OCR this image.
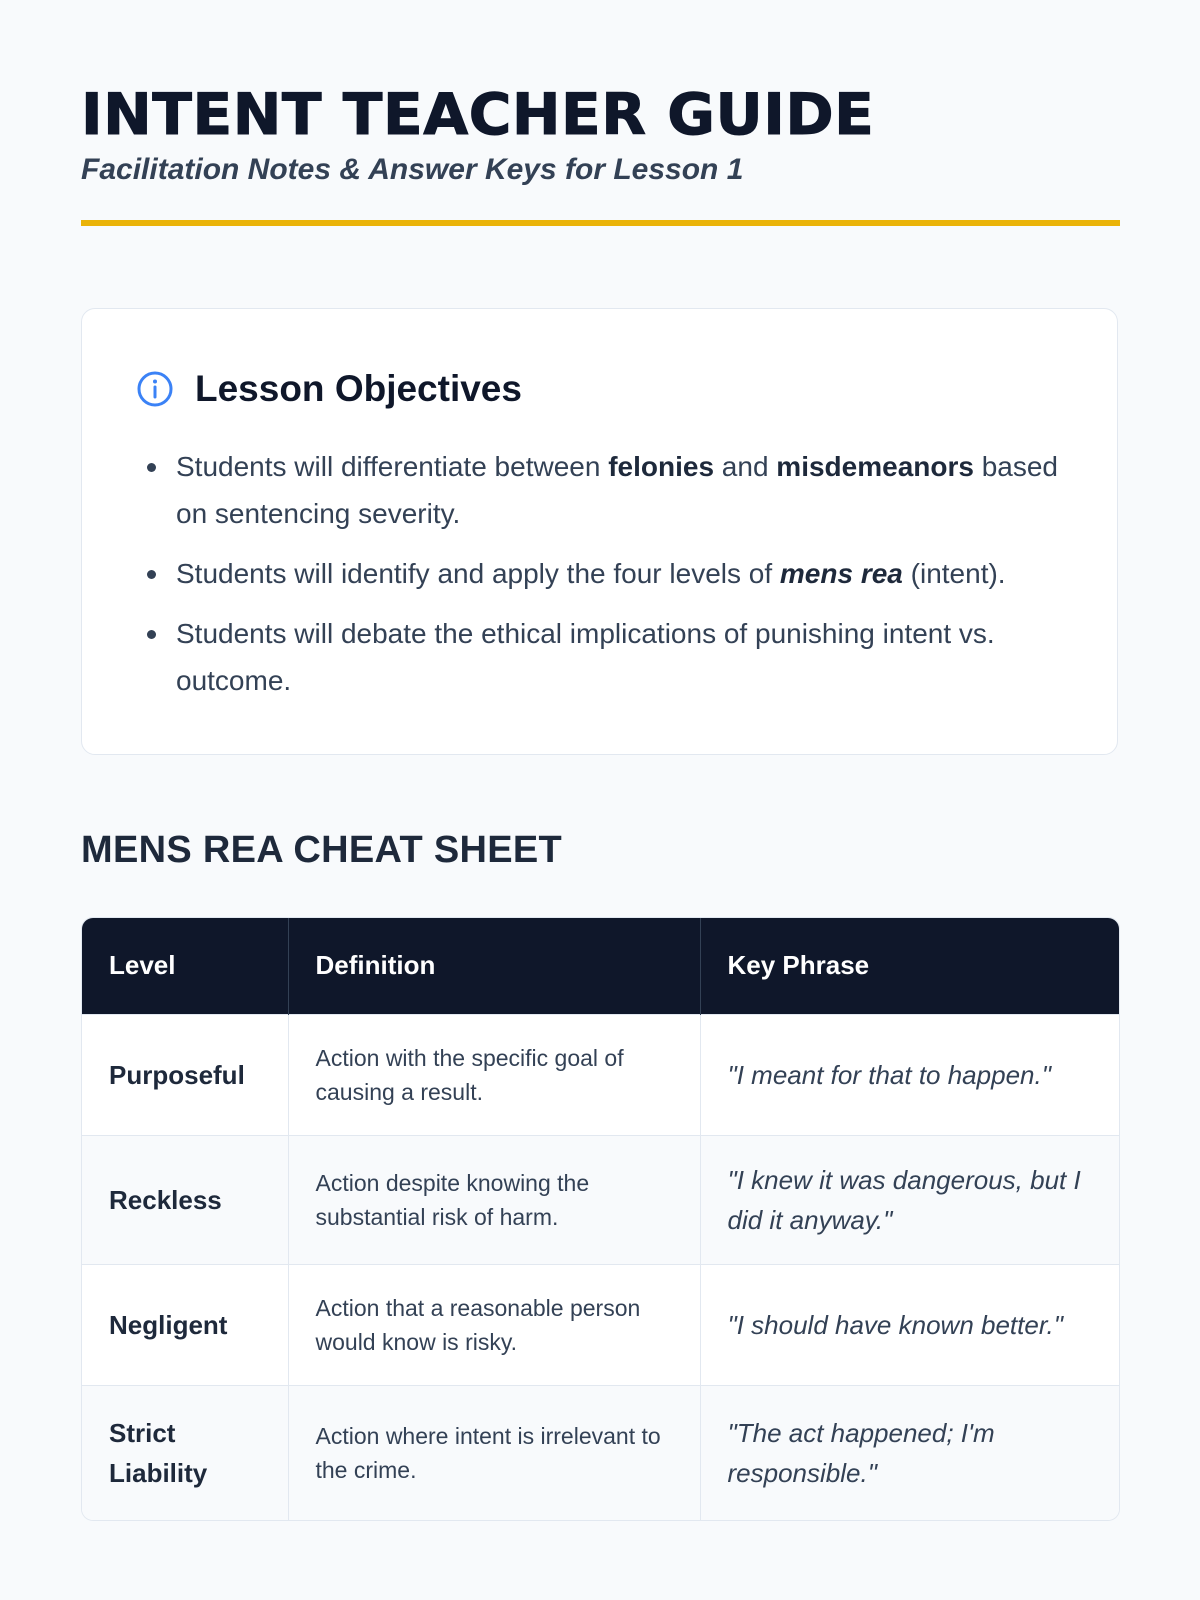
INTENT TEACHER GUIDE
Facilitation Notes & Answer Keys for Lesson 1
Lesson Objectives
Students will differentiate between felonies and misdemeanors based on sentencing severity.
Students will identify and apply the four levels of mens rea (intent).
Students will debate the ethical implications of punishing intent vs. outcome.
MENS REA CHEAT SHEET
Level	Definition	Key Phrase
Purposeful	Action with the specific goal of causing a result.	"I meant for that to happen."
Reckless	Action despite knowing the substantial risk of harm.	"I knew it was dangerous, but I did it anyway."
Negligent	Action that a reasonable person would know is risky.	"I should have known better."
Strict Liability	Action where intent is irrelevant to the crime.	"The act happened; I'm responsible."
